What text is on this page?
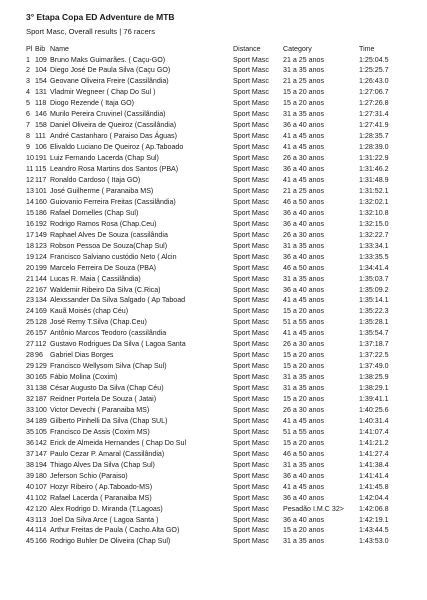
3° Etapa Copa ED Adventure de MTB
Sport Masc, Overall results | 76 racers
Pl	Bib	Name	Distance	Category	Time
1	109	Bruno Maks Guimarães. ( Caçu-GO)	Sport Masc	21 a 25 anos	1:25:04.5
2	104	Diego José De Paula Silva (Caçu GO)	Sport Masc	31 a 35 anos	1:25:25.7
3	154	Geovane Oliveira Freire (Cassilândia)	Sport Masc	21 a 25 anos	1:26:43.0
4	131	Vladmir Wegneer ( Chap Do Sul )	Sport Masc	15 a 20 anos	1:27:06.7
5	118	Diogo Rezende ( Itaja GO)	Sport Masc	15 a 20 anos	1:27:26.8
6	146	Murilo Pereira Cruvinel (Cassilândia)	Sport Masc	31 a 35 anos	1:27:31.4
7	158	Daniel Oliveira de Queiroz (Cassilândia)	Sport Masc	36 a 40 anos	1:27:41.9
8	111	André Castanharo ( Paraiso Das Águas)	Sport Masc	41 a 45 anos	1:28:35.7
9	106	Elivaldo Luciano De Queiroz ( Ap.Taboado	Sport Masc	41 a 45 anos	1:28:39.0
10	191	Luiz Fernando Lacerda (Chap Sul)	Sport Masc	26 a 30 anos	1:31:22.9
11	115	Leandro Rosa Martins dos Santos (PBA)	Sport Masc	36 a 40 anos	1:31:46.2
12	117	Ronaldo Cardoso ( Itaja GO)	Sport Masc	41 a 45 anos	1:31:48.9
13	101	José Guilherme ( Paranaiba MS)	Sport Masc	21 a 25 anos	1:31:52.1
14	160	Guiovanio Ferreira Freitas (Cassilândia)	Sport Masc	46 a 50 anos	1:32:02.1
15	186	Rafael Dornelles (Chap Sul)	Sport Masc	36 a 40 anos	1:32:10.8
16	192	Rodrigo Ramos Rosa (Chap.Ceu)	Sport Masc	36 a 40 anos	1:32:15.0
17	149	Raphael Alves De Souza (cassilândia	Sport Masc	26 a 30 anos	1:32:22.7
18	123	Robson Pessoa De Souza(Chap Sul)	Sport Masc	31 a 35 anos	1:33:34.1
19	124	Francisco Salviano custódio Neto ( Alcin	Sport Masc	36 a 40 anos	1:33:35.5
20	199	Marcelo Ferreira De Souza (PBA)	Sport Masc	46 a 50 anos	1:34:41.4
21	144	Lucas R. Maia ( Cassilândia)	Sport Masc	31 a 35 anos	1:35:03.7
22	167	Waldemir Ribeiro Da Silva (C.Rica)	Sport Masc	36 a 40 anos	1:35:09.2
23	134	Alexssander Da Silva Salgado ( Ap Taboad	Sport Masc	41 a 45 anos	1:35:14.1
24	169	Kauã Moisés (chap Céu)	Sport Masc	15 a 20 anos	1:35:22.3
25	128	José Remy T.Silva (Chap.Ceu)	Sport Masc	51 a 55 anos	1:35:28.1
26	157	Antônio Marcos Teodoro (cassilândia	Sport Masc	41 a 45 anos	1:35:54.7
27	112	Gustavo Rodrigues Da Silva ( Lagoa Santa	Sport Masc	26 a 30 anos	1:37:18.7
28	96	Gabriel Dias Borges	Sport Masc	15 a 20 anos	1:37:22.5
29	129	Francisco Wellysom Silva (Chap Sul)	Sport Masc	15 a 20 anos	1:37:49.0
30	165	Fábio Molina (Coxim)	Sport Masc	31 a 35 anos	1:38:25.9
31	138	César Augusto Da Silva (Chap Céu)	Sport Masc	31 a 35 anos	1:38:29.1
32	187	Reidner Portela De Souza ( Jatai)	Sport Masc	15 a 20 anos	1:39:41.1
33	100	Victor Devechi ( Paranaiba MS)	Sport Masc	26 a 30 anos	1:40:25.6
34	189	Gilberto Pinhelli Da Silva (Chap SUL)	Sport Masc	41 a 45 anos	1:40:31.4
35	105	Francisco De Assis (Coxim MS)	Sport Masc	51 a 55 anos	1:41:07.4
36	142	Erick de Almeida Hernandes ( Chap Do Sul	Sport Masc	15 a 20 anos	1:41:21.2
37	147	Paulo Cezar P. Amaral (Cassilândia)	Sport Masc	46 a 50 anos	1:41:27.4
38	194	Thiago Alves Da Silva (Chap Sul)	Sport Masc	31 a 35 anos	1:41:38.4
39	180	Jeferson Schio (Paraiso)	Sport Masc	36 a 40 anos	1:41:41.4
40	107	Hozyr Ribeiro ( Ap.Taboado-MS)	Sport Masc	41 a 45 anos	1:41:45.8
41	102	Rafael Lacerda ( Paranaiba MS)	Sport Masc	36 a 40 anos	1:42:04.4
42	120	Alex Rodrigo D. Miranda (T.Lagoas)	Sport Masc	Pesadão I.M.C 32>	1:42:06.8
43	113	Joel Da Silva Arce ( Lagoa Santa )	Sport Masc	36 a 40 anos	1:42:19.1
44	114	Arthur Freitas de Paula ( Cacho.Alta GO)	Sport Masc	15 a 20 anos	1:43:44.5
45	166	Rodrigo Buhler De Oliveira (Chap Sul)	Sport Masc	31 a 35 anos	1:43:53.0
